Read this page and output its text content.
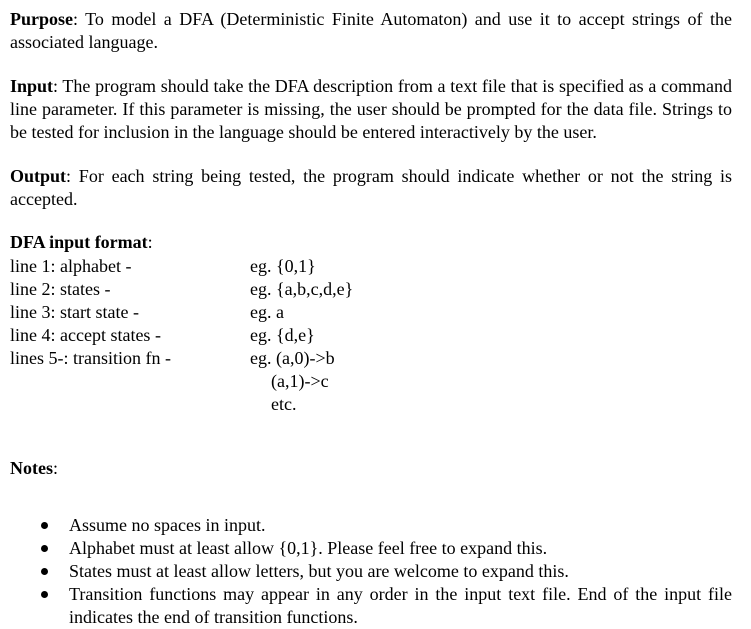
Purpose: To model a DFA (Deterministic Finite Automaton) and use it to accept strings of the associated language.

Input: The program should take the DFA description from a text file that is specified as a command line parameter. If this parameter is missing, the user should be prompted for the data file. Strings to be tested for inclusion in the language should be entered interactively by the user.

Output: For each string being tested, the program should indicate whether or not the string is accepted.

DFA input format:

line 1: alphabet -	eg. {0,1}
line 2: states -	eg. {a,b,c,d,e}
line 3: start state -	eg. a
line 4: accept states -	eg. {d,e}
lines 5-: transition fn -	eg. (a,0)->b
(a,1)->c
etc.

Notes:

Assume no spaces in input.
Alphabet must at least allow {0,1}. Please feel free to expand this.
States must at least allow letters, but you are welcome to expand this.
Transition functions may appear in any order in the input text file. End of the input file indicates the end of transition functions.
